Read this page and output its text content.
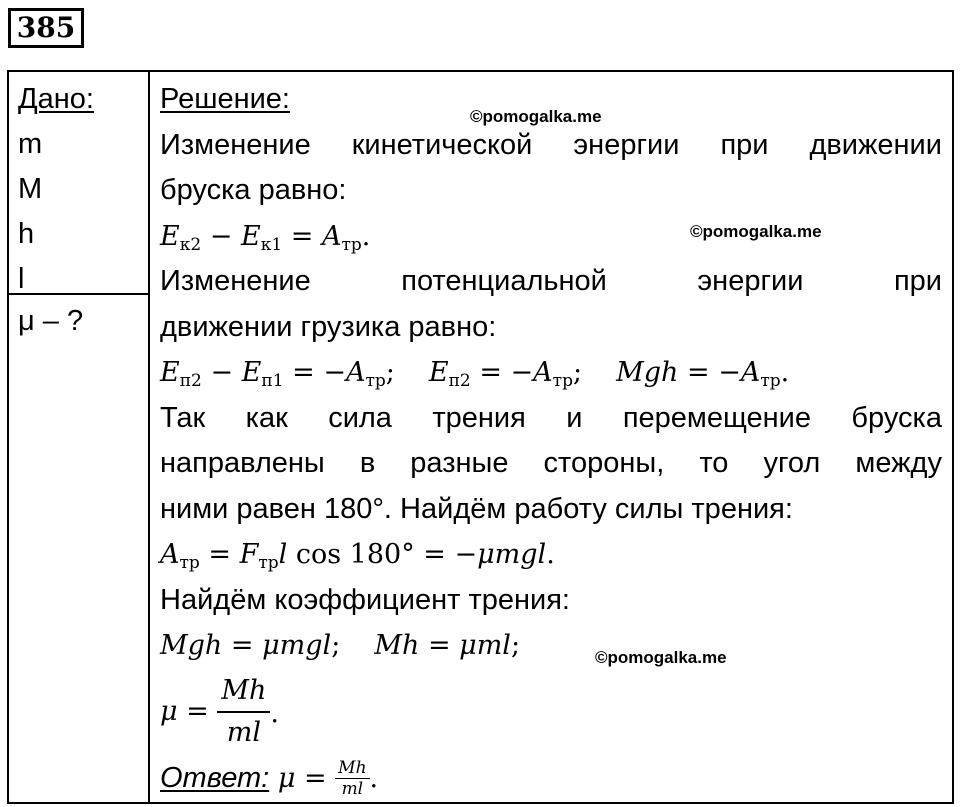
385
Дано:
m
M
h
l
μ – ?
Решение:
Изменение кинетической энергии при движении
бруска равно:
$E_{к2} - E_{к1} = A_{тр}$.
Изменение	потенциальной	энергии	при
движении грузика равно:
$E_{п2} - E_{п1} = -A_{тр}$; $E_{п2} = -A_{тр}$; Mgh = $-A_{тр}$.
Так как сила трения и перемещение бруска
направлены в разные стороны, то угол между
ними равен 180°. Найдём работу силы трения:
$A_{тр} = F_{тр}l$ cos 180° = −μmgl.
Найдём коэффициент трения:
Mgh = μmgl; Mh = μml;
$\mu = \frac{Mh}{ml}$ .
Ответ: $\mu = \frac{Mh}{ml}$ .
©pomogalka.me
©pomogalka.me
©pomogalka.me
